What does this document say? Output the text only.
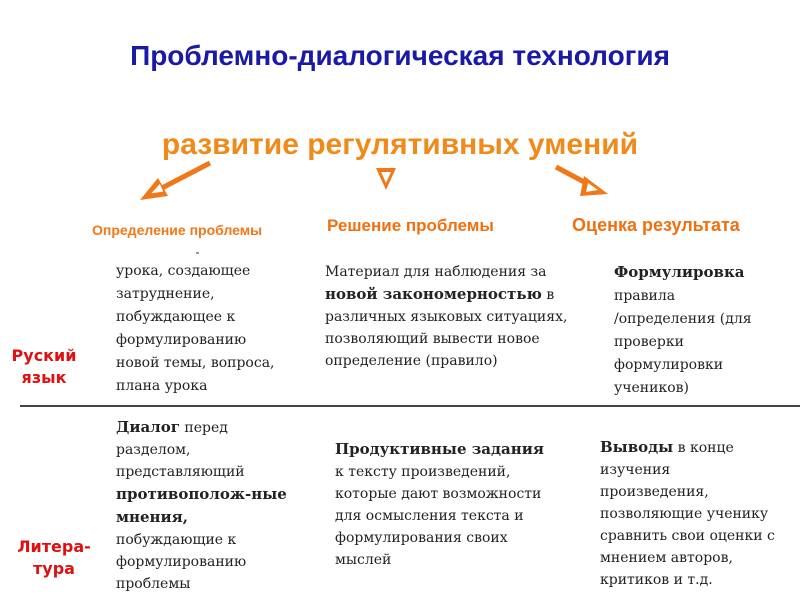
Проблемно-диалогическая технология
развитие регулятивных умений
Определение проблемы	Решение проблемы	Оценка результата
Руский
язык
Литера-
тура
урока, создающее
затруднение,
побуждающее к
формулированию
новой темы, вопроса,
плана урока
Материал для наблюдения за новой закономерностью в различных языковых ситуациях, позволяющий вывести новое определение (правило)
Формулировка
правила
/определения (для
проверки
формулировки
учеников)
Диалог перед
разделом,
представляющий
противополож-ные
мнения,
побуждающие к
формулированию
проблемы
Продуктивные задания
к тексту произведений,
которые дают возможности
для осмысления текста и
формулирования своих
мыслей
Выводы в конце
изучения
произведения,
позволяющие ученику
сравнить свои оценки с
мнением авторов,
критиков и т.д.
